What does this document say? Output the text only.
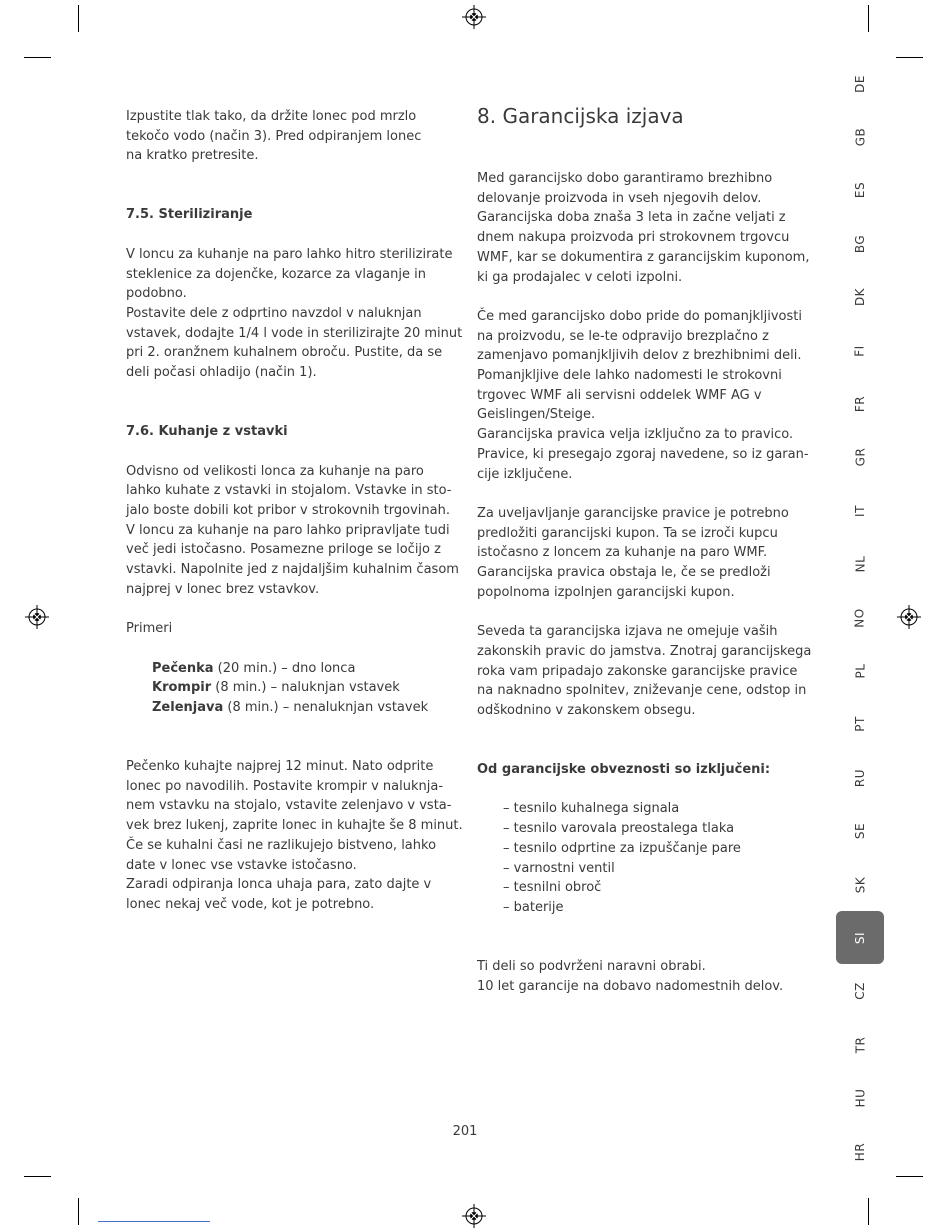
Izpustite tlak tako, da držite lonec pod mrzlo
tekočo vodo (način 3). Pred odpiranjem lonec
na kratko pretresite.
7.5. Steriliziranje
V loncu za kuhanje na paro lahko hitro sterilizirate
steklenice za dojenčke, kozarce za vlaganje in
podobno.
Postavite dele z odprtino navzdol v naluknjan
vstavek, dodajte 1/4 l vode in sterilizirajte 20 minut
pri 2. oranžnem kuhalnem obroču. Pustite, da se
deli počasi ohladijo (način 1).
7.6. Kuhanje z vstavki
Odvisno od velikosti lonca za kuhanje na paro
lahko kuhate z vstavki in stojalom. Vstavke in sto-
jalo boste dobili kot pribor v strokovnih trgovinah.
V loncu za kuhanje na paro lahko pripravljate tudi
več jedi istočasno. Posamezne priloge se ločijo z
vstavki. Napolnite jed z najdaljšim kuhalnim časom
najprej v lonec brez vstavkov.
Primeri
Pečenka (20 min.) – dno lonca
Krompir (8 min.) – naluknjan vstavek
Zelenjava (8 min.) – nenaluknjan vstavek
Pečenko kuhajte najprej 12 minut. Nato odprite
lonec po navodilih. Postavite krompir v naluknja-
nem vstavku na stojalo, vstavite zelenjavo v vsta-
vek brez lukenj, zaprite lonec in kuhajte še 8 minut.
Če se kuhalni časi ne razlikujejo bistveno, lahko
date v lonec vse vstavke istočasno.
Zaradi odpiranja lonca uhaja para, zato dajte v
lonec nekaj več vode, kot je potrebno.
8. Garancijska izjava
Med garancijsko dobo garantiramo brezhibno
delovanje proizvoda in vseh njegovih delov.
Garancijska doba znaša 3 leta in začne veljati z
dnem nakupa proizvoda pri strokovnem trgovcu
WMF, kar se dokumentira z garancijskim kuponom,
ki ga prodajalec v celoti izpolni.
Če med garancijsko dobo pride do pomanjkljivosti
na proizvodu, se le-te odpravijo brezplačno z
zamenjavo pomanjkljivih delov z brezhibnimi deli.
Pomanjkljive dele lahko nadomesti le strokovni
trgovec WMF ali servisni oddelek WMF AG v
Geislingen/Steige.
Garancijska pravica velja izključno za to pravico.
Pravice, ki presegajo zgoraj navedene, so iz garan-
cije izključene.
Za uveljavljanje garancijske pravice je potrebno
predložiti garancijski kupon. Ta se izroči kupcu
istočasno z loncem za kuhanje na paro WMF.
Garancijska pravica obstaja le, če se predloži
popolnoma izpolnjen garancijski kupon.
Seveda ta garancijska izjava ne omejuje vaših
zakonskih pravic do jamstva. Znotraj garancijskega
roka vam pripadajo zakonske garancijske pravice
na naknadno spolnitev, zniževanje cene, odstop in
odškodnino v zakonskem obsegu.
Od garancijske obveznosti so izključeni:
– tesnilo kuhalnega signala
– tesnilo varovala preostalega tlaka
– tesnilo odprtine za izpuščanje pare
– varnostni ventil
– tesnilni obroč
– baterije
Ti deli so podvrženi naravni obrabi.
10 let garancije na dobavo nadomestnih delov.
DE
GB
ES
BG
DK
FI
FR
GR
IT
NL
NO
PL
PT
RU
SE
SK
SI
CZ
TR
HU
HR
201
